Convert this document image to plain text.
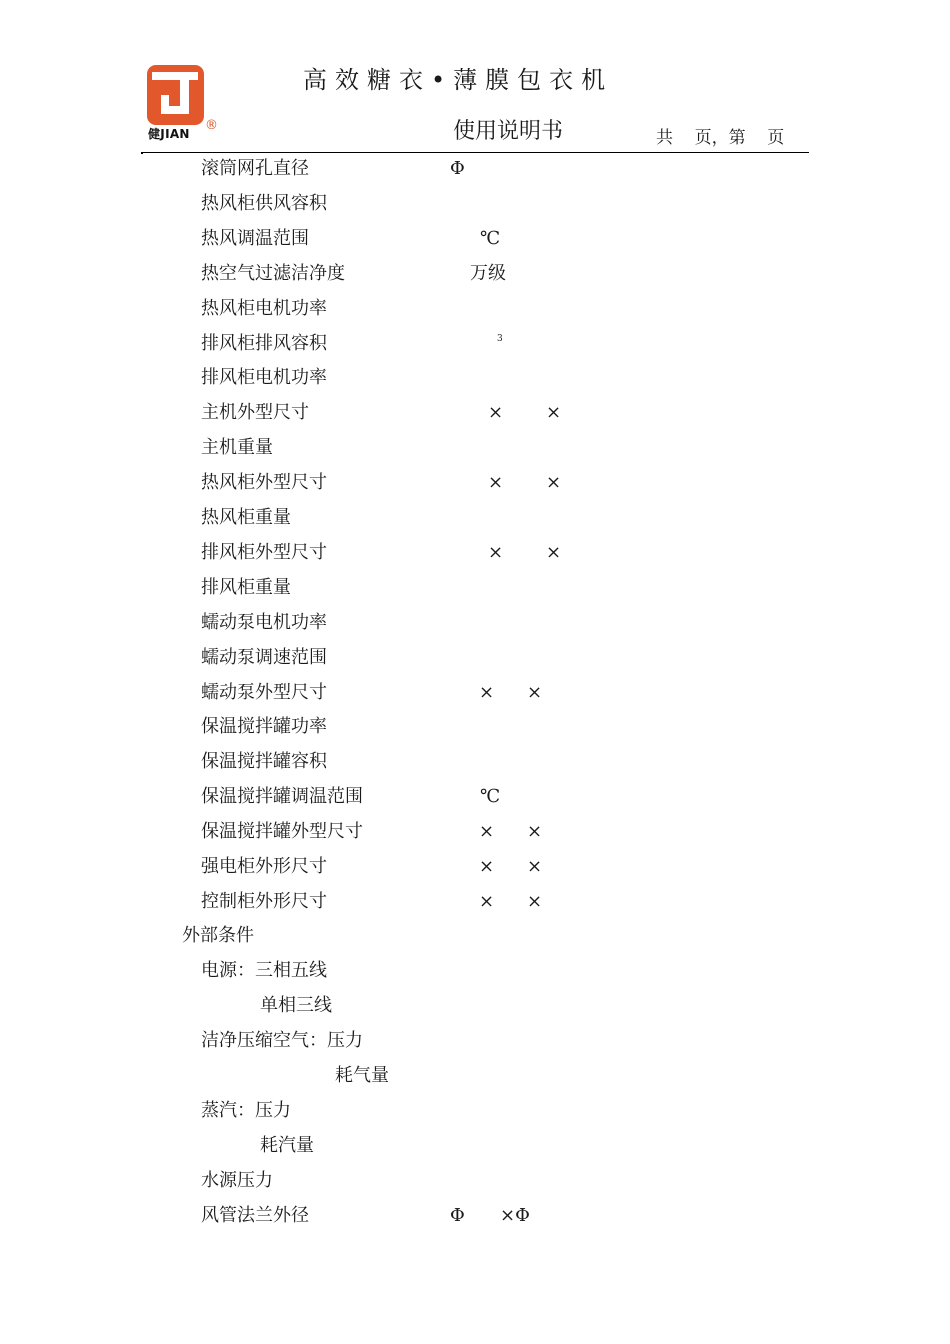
健JIAN
®
高效糖衣•薄膜包衣机
使用说明书	共    页，第    页
滚筒网孔直径	Φ
热风柜供风容积
热风调温范围	℃
热空气过滤洁净度	万级
热风柜电机功率
排风柜排风容积	3
排风柜电机功率
主机外型尺寸	× ×
主机重量
热风柜外型尺寸	× ×
热风柜重量
排风柜外型尺寸	× ×
排风柜重量
蠕动泵电机功率
蠕动泵调速范围
蠕动泵外型尺寸	× ×
保温搅拌罐功率
保温搅拌罐容积
保温搅拌罐调温范围	℃
保温搅拌罐外型尺寸	× ×
强电柜外形尺寸	× ×
控制柜外形尺寸	× ×
外部条件
电源：三相五线
单相三线
洁净压缩空气：压力
耗气量
蒸汽：压力
耗汽量
水源压力
风管法兰外径	Φ ×Φ
